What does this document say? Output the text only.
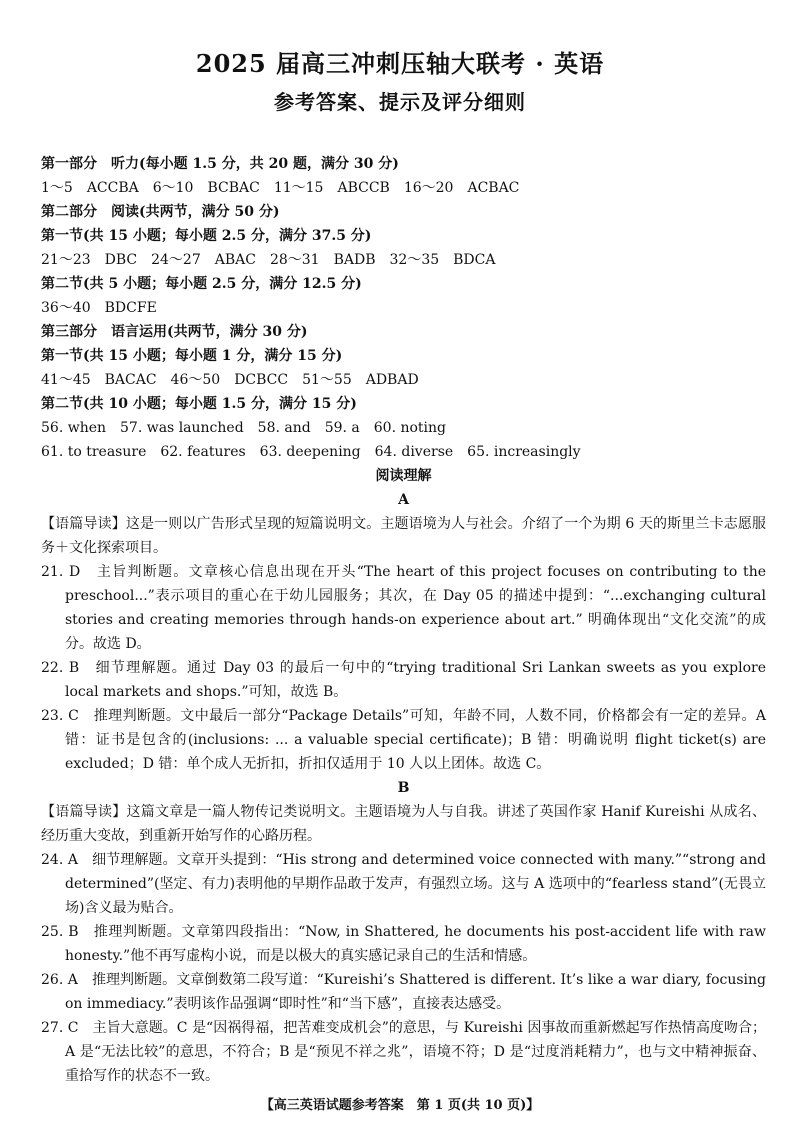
2025 届高三冲刺压轴大联考 · 英语
参考答案、提示及评分细则

第一部分　听力(每小题 1.5 分，共 20 题，满分 30 分)

1～5　ACCBA　6～10　BCBAC　11～15　ABCCB　16～20　ACBAC

第二部分　阅读(共两节，满分 50 分)

第一节(共 15 小题；每小题 2.5 分，满分 37.5 分)

21～23　DBC　24～27　ABAC　28～31　BADB　32～35　BDCA

第二节(共 5 小题；每小题 2.5 分，满分 12.5 分)

36～40　BDCFE

第三部分　语言运用(共两节，满分 30 分)

第一节(共 15 小题；每小题 1 分，满分 15 分)

41～45　BACAC　46～50　DCBCC　51～55　ADBAD

第二节(共 10 小题；每小题 1.5 分，满分 15 分)

56. when　57. was launched　58. and　59. a　60. noting

61. to treasure　62. features　63. deepening　64. diverse　65. increasingly

阅读理解

A

【语篇导读】这是一则以广告形式呈现的短篇说明文。主题语境为人与社会。介绍了一个为期 6 天的斯里兰卡志愿服务＋文化探索项目。

21. D　主旨判断题。文章核心信息出现在开头“The heart of this project focuses on contributing to the preschool...”表示项目的重心在于幼儿园服务；其次，在 Day 05 的描述中提到：“...exchanging cultural stories and creating memories through hands-on experience about art.” 明确体现出“文化交流”的成分。故选 D。

22. B　细节理解题。通过 Day 03 的最后一句中的“trying traditional Sri Lankan sweets as you explore local markets and shops.”可知，故选 B。

23. C　推理判断题。文中最后一部分“Package Details”可知，年龄不同，人数不同，价格都会有一定的差异。A 错：证书是包含的(inclusions: ... a valuable special certificate)；B 错：明确说明 flight ticket(s) are excluded；D 错：单个成人无折扣，折扣仅适用于 10 人以上团体。故选 C。

B

【语篇导读】这篇文章是一篇人物传记类说明文。主题语境为人与自我。讲述了英国作家 Hanif Kureishi 从成名、经历重大变故，到重新开始写作的心路历程。

24. A　细节理解题。文章开头提到：“His strong and determined voice connected with many.”“strong and determined”(坚定、有力)表明他的早期作品敢于发声，有强烈立场。这与 A 选项中的“fearless stand”(无畏立场)含义最为贴合。

25. B　推理判断题。文章第四段指出：“Now, in Shattered, he documents his post-accident life with raw honesty.”他不再写虚构小说，而是以极大的真实感记录自己的生活和情感。

26. A　推理判断题。文章倒数第二段写道：“Kureishi’s Shattered is different. It’s like a war diary, focusing on immediacy.”表明该作品强调“即时性”和“当下感”，直接表达感受。

27. C　主旨大意题。C 是“因祸得福，把苦难变成机会”的意思，与 Kureishi 因事故而重新燃起写作热情高度吻合；A 是“无法比较”的意思，不符合；B 是“预见不祥之兆”，语境不符；D 是“过度消耗精力”，也与文中精神振奋、重拾写作的状态不一致。

【高三英语试题参考答案　第 1 页(共 10 页)】
